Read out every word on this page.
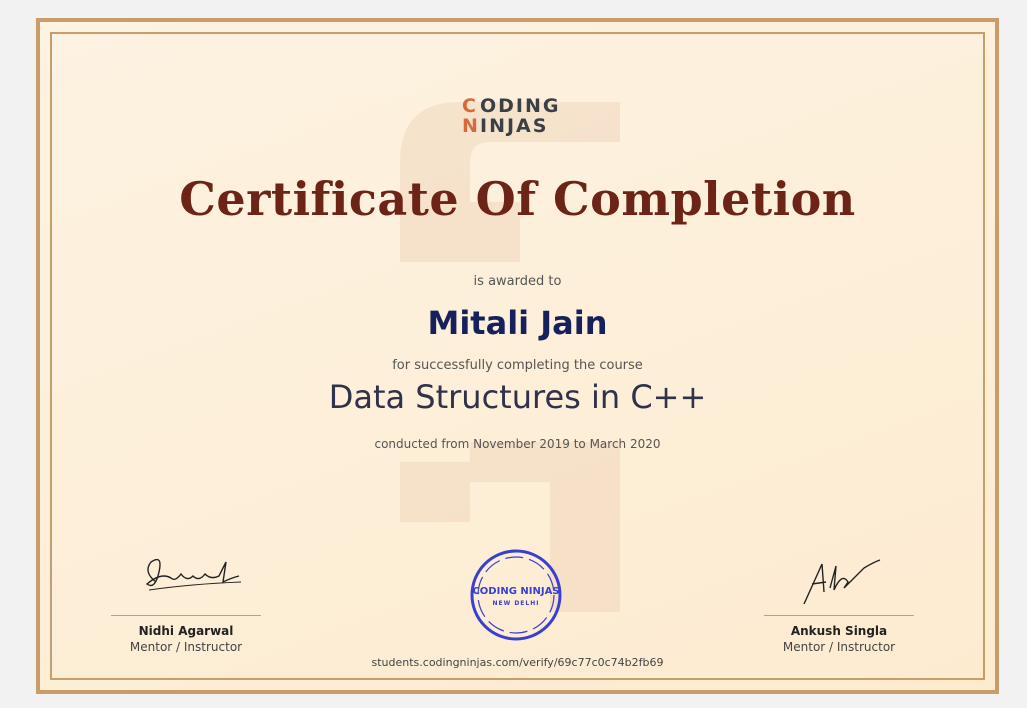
C ODING
N INJAS
Certificate Of Completion
is awarded to
Mitali Jain
for successfully completing the course
Data Structures in C++
conducted from November 2019 to March 2020
Nidhi Agarwal
Mentor / Instructor
CODING NINJAS
NEW DELHI
Ankush Singla
Mentor / Instructor
students.codingninjas.com/verify/69c77c0c74b2fb69
